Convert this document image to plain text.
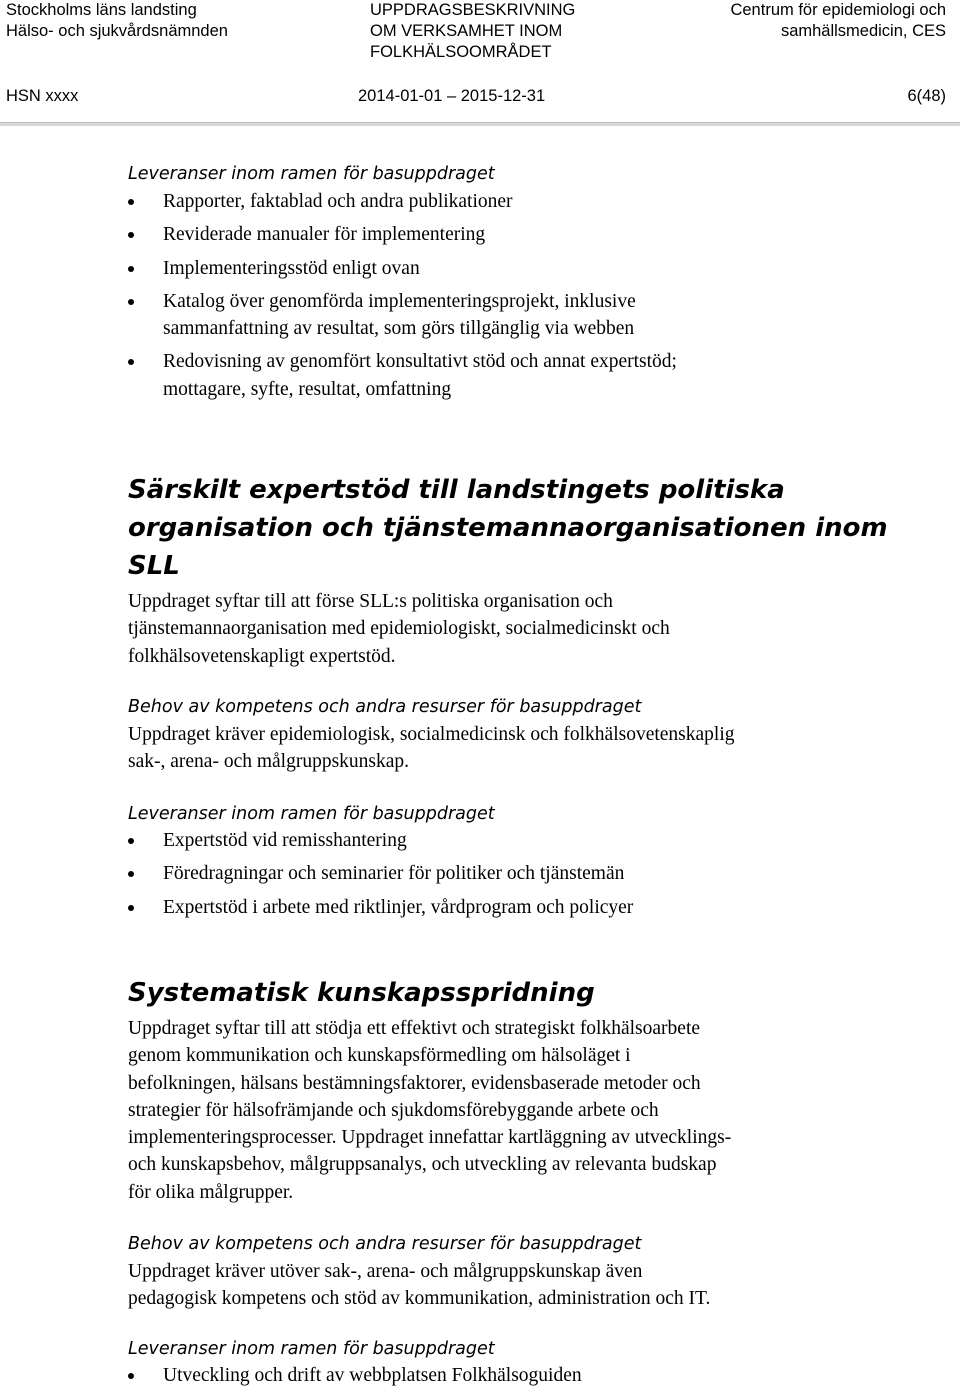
Stockholms läns landsting
Hälso- och sjukvårdsnämnden
UPPDRAGSBESKRIVNING
OM VERKSAMHET INOM
FOLKHÄLSOOMRÅDET
Centrum för epidemiologi och
samhällsmedicin, CES
HSN xxxx	2014-01-01 – 2015-12-31	6(48)

Leveranser inom ramen för basuppdraget

Rapporter, faktablad och andra publikationer
Reviderade manualer för implementering
Implementeringsstöd enligt ovan
Katalog över genomförda implementeringsprojekt, inklusive
sammanfattning av resultat, som görs tillgänglig via webben
Redovisning av genomfört konsultativt stöd och annat expertstöd;
mottagare, syfte, resultat, omfattning
Särskilt expertstöd till landstingets politiska
organisation och tjänstemannaorganisationen inom
SLL

Uppdraget syftar till att förse SLL:s politiska organisation och
tjänstemannaorganisation med epidemiologiskt, socialmedicinskt och
folkhälsovetenskapligt expertstöd.

Behov av kompetens och andra resurser för basuppdraget

Uppdraget kräver epidemiologisk, socialmedicinsk och folkhälsovetenskaplig
sak-, arena- och målgruppskunskap.

Leveranser inom ramen för basuppdraget

Expertstöd vid remisshantering
Föredragningar och seminarier för politiker och tjänstemän
Expertstöd i arbete med riktlinjer, vårdprogram och policyer
Systematisk kunskapsspridning

Uppdraget syftar till att stödja ett effektivt och strategiskt folkhälsoarbete
genom kommunikation och kunskapsförmedling om hälsoläget i
befolkningen, hälsans bestämningsfaktorer, evidensbaserade metoder och
strategier för hälsofrämjande och sjukdomsförebyggande arbete och
implementeringsprocesser. Uppdraget innefattar kartläggning av utvecklings-
och kunskapsbehov, målgruppsanalys, och utveckling av relevanta budskap
för olika målgrupper.

Behov av kompetens och andra resurser för basuppdraget

Uppdraget kräver utöver sak-, arena- och målgruppskunskap även
pedagogisk kompetens och stöd av kommunikation, administration och IT.

Leveranser inom ramen för basuppdraget

Utveckling och drift av webbplatsen Folkhälsoguiden
